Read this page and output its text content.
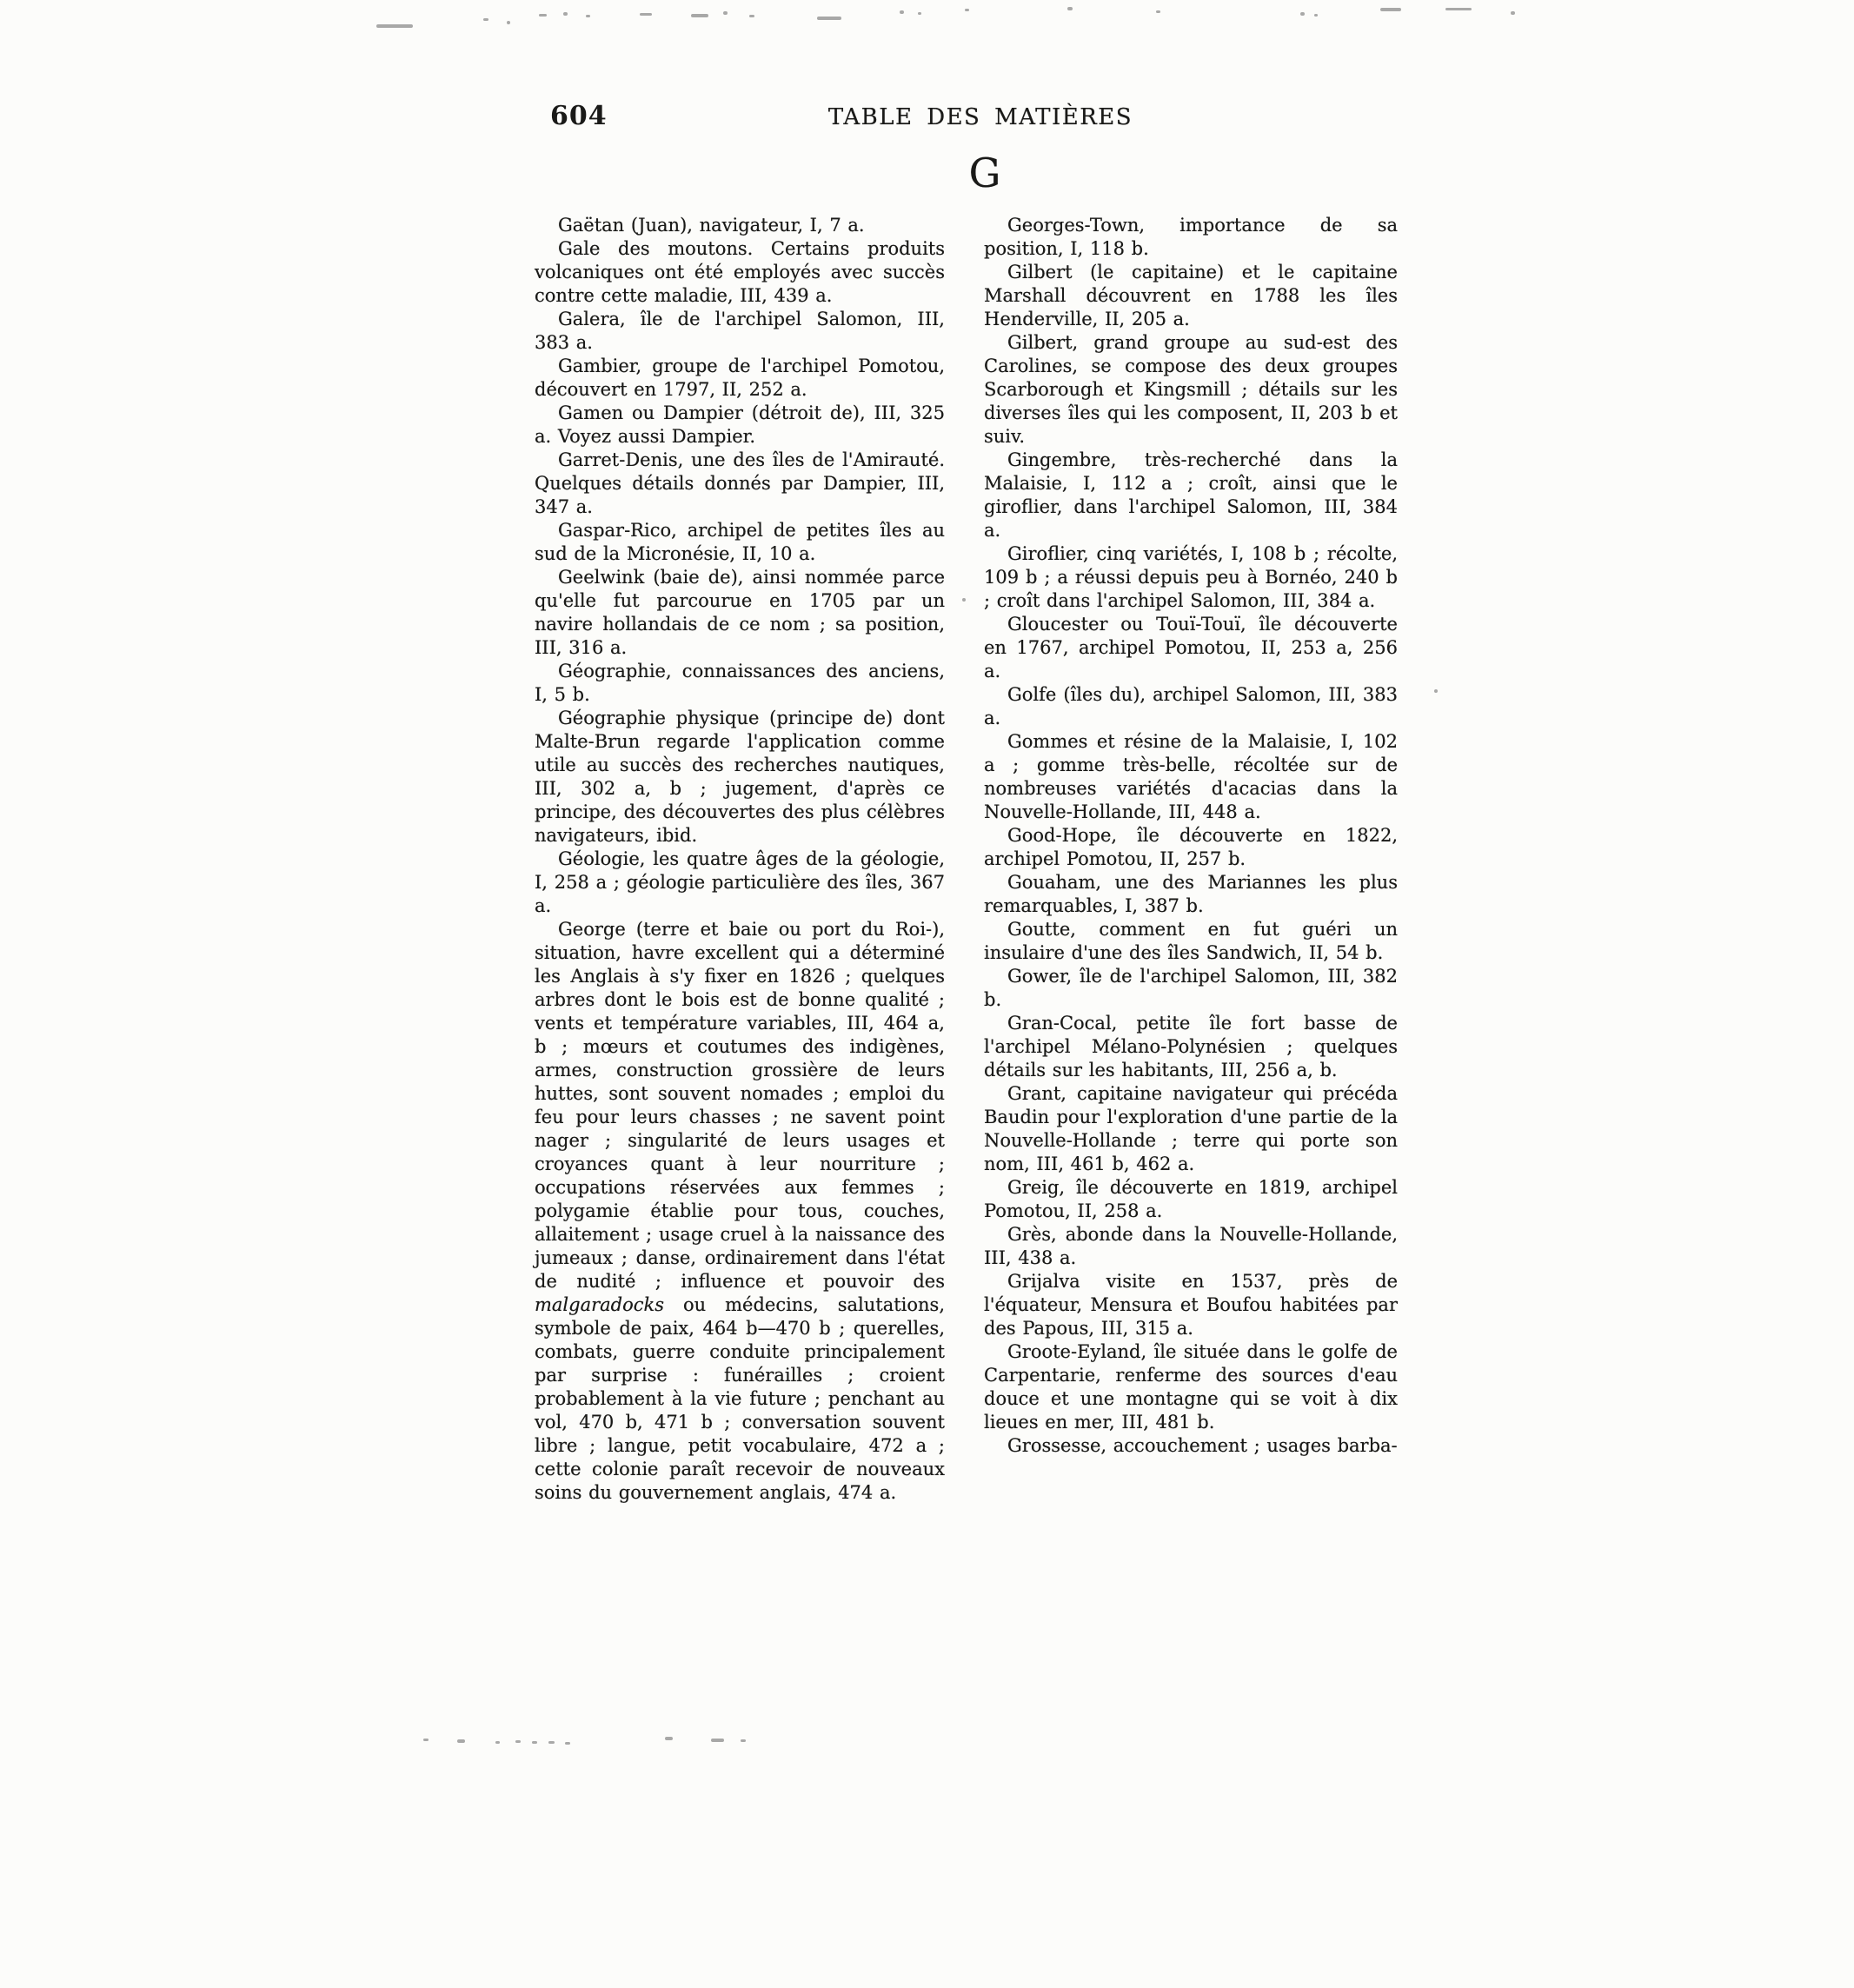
604	TABLE DES MATIÈRES
G

Gaëtan (Juan), navigateur, I, 7 a.

Gale des moutons. Certains produits volcaniques ont été employés avec succès contre cette maladie, III, 439 a.

Galera, île de l'archipel Salomon, III, 383 a.

Gambier, groupe de l'archipel Pomotou, découvert en 1797, II, 252 a.

Gamen ou Dampier (détroit de), III, 325 a. Voyez aussi Dampier.

Garret-Denis, une des îles de l'Amirauté. Quelques détails donnés par Dampier, III, 347 a.

Gaspar-Rico, archipel de petites îles au sud de la Micronésie, II, 10 a.

Geelwink (baie de), ainsi nommée parce qu'elle fut parcourue en 1705 par un navire hollandais de ce nom ; sa position, III, 316 a.

Géographie, connaissances des anciens, I, 5 b.

Géographie physique (principe de) dont Malte-Brun regarde l'application comme utile au succès des recherches nautiques, III, 302 a, b ; jugement, d'après ce principe, des découvertes des plus célèbres navigateurs, ibid.

Géologie, les quatre âges de la géologie, I, 258 a ; géologie particulière des îles, 367 a.

George (terre et baie ou port du Roi-), situation, havre excellent qui a déterminé les Anglais à s'y fixer en 1826 ; quelques arbres dont le bois est de bonne qualité ; vents et température variables, III, 464 a, b ; mœurs et coutumes des indigènes, armes, construction grossière de leurs huttes, sont souvent nomades ; emploi du feu pour leurs chasses ; ne savent point nager ; singularité de leurs usages et croyances quant à leur nourriture ; occupations réservées aux femmes ; polygamie établie pour tous, couches, allaitement ; usage cruel à la naissance des jumeaux ; danse, ordinairement dans l'état de nudité ; influence et pouvoir des malgaradocks ou médecins, salutations, symbole de paix, 464 b—470 b ; querelles, combats, guerre conduite principalement par surprise : funérailles ; croient probablement à la vie future ; penchant au vol, 470 b, 471 b ; conversation souvent libre ; langue, petit vocabulaire, 472 a ; cette colonie paraît recevoir de nouveaux soins du gouvernement anglais, 474 a.

Georges-Town, importance de sa position, I, 118 b.

Gilbert (le capitaine) et le capitaine Marshall découvrent en 1788 les îles Henderville, II, 205 a.

Gilbert, grand groupe au sud-est des Carolines, se compose des deux groupes Scarborough et Kingsmill ; détails sur les diverses îles qui les composent, II, 203 b et suiv.

Gingembre, très-recherché dans la Malaisie, I, 112 a ; croît, ainsi que le giroflier, dans l'archipel Salomon, III, 384 a.

Giroflier, cinq variétés, I, 108 b ; récolte, 109 b ; a réussi depuis peu à Bornéo, 240 b ; croît dans l'archipel Salomon, III, 384 a.

Gloucester ou Touï-Touï, île découverte en 1767, archipel Pomotou, II, 253 a, 256 a.

Golfe (îles du), archipel Salomon, III, 383 a.

Gommes et résine de la Malaisie, I, 102 a ; gomme très-belle, récoltée sur de nombreuses variétés d'acacias dans la Nouvelle-Hollande, III, 448 a.

Good-Hope, île découverte en 1822, archipel Pomotou, II, 257 b.

Gouaham, une des Mariannes les plus remarquables, I, 387 b.

Goutte, comment en fut guéri un insulaire d'une des îles Sandwich, II, 54 b.

Gower, île de l'archipel Salomon, III, 382 b.

Gran-Cocal, petite île fort basse de l'archipel Mélano-Polynésien ; quelques détails sur les habitants, III, 256 a, b.

Grant, capitaine navigateur qui précéda Baudin pour l'exploration d'une partie de la Nouvelle-Hollande ; terre qui porte son nom, III, 461 b, 462 a.

Greig, île découverte en 1819, archipel Pomotou, II, 258 a.

Grès, abonde dans la Nouvelle-Hollande, III, 438 a.

Grijalva visite en 1537, près de l'équateur, Mensura et Boufou habitées par des Papous, III, 315 a.

Groote-Eyland, île située dans le golfe de Carpentarie, renferme des sources d'eau douce et une montagne qui se voit à dix lieues en mer, III, 481 b.

Grossesse, accouchement ; usages barba-
